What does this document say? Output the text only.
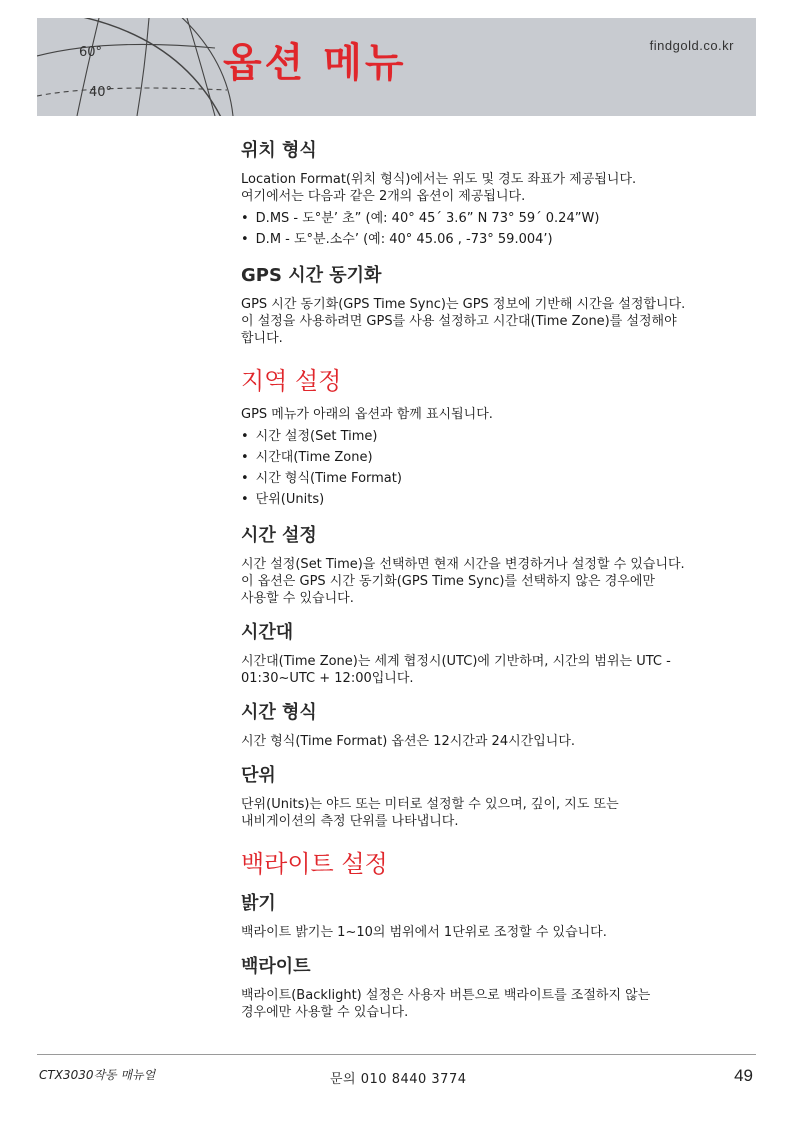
60°
40°
옵션 메뉴	findgold.co.kr
위치 형식

Location Format(위치 형식)에서는 위도 및 경도 좌표가 제공됩니다.
여기에서는 다음과 같은 2개의 옵션이 제공됩니다.

• D.MS - 도°분’ 초” (예: 40° 45´ 3.6” N 73° 59´ 0.24”W)
• D.M - 도°분.소수’ (예: 40° 45.06 , -73° 59.004’)
GPS 시간 동기화

GPS 시간 동기화(GPS Time Sync)는 GPS 정보에 기반해 시간을 설정합니다.
이 설정을 사용하려면 GPS를 사용 설정하고 시간대(Time Zone)를 설정해야
합니다.

지역 설정

GPS 메뉴가 아래의 옵션과 함께 표시됩니다.

• 시간 설정(Set Time)
• 시간대(Time Zone)
• 시간 형식(Time Format)
• 단위(Units)
시간 설정

시간 설정(Set Time)을 선택하면 현재 시간을 변경하거나 설정할 수 있습니다.
이 옵션은 GPS 시간 동기화(GPS Time Sync)를 선택하지 않은 경우에만
사용할 수 있습니다.

시간대

시간대(Time Zone)는 세계 협정시(UTC)에 기반하며, 시간의 범위는 UTC -
01:30~UTC + 12:00입니다.

시간 형식

시간 형식(Time Format) 옵션은 12시간과 24시간입니다.

단위

단위(Units)는 야드 또는 미터로 설정할 수 있으며, 깊이, 지도 또는
내비게이션의 측정 단위를 나타냅니다.

백라이트 설정
밝기

백라이트 밝기는 1~10의 범위에서 1단위로 조정할 수 있습니다.

백라이트

백라이트(Backlight) 설정은 사용자 버튼으로 백라이트를 조절하지 않는
경우에만 사용할 수 있습니다.

CTX3030작동 매뉴얼	문의 010 8440 3774	49
